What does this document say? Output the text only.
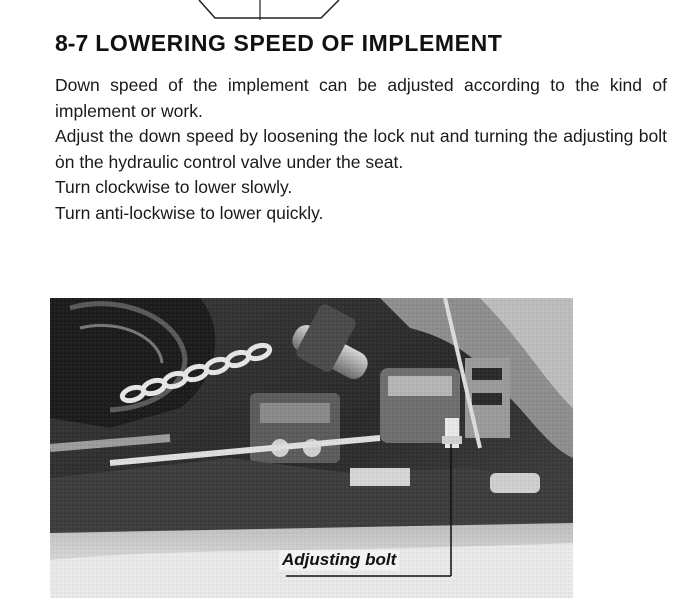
8-7 LOWERING SPEED OF IMPLEMENT

Down speed of the implement can be adjusted according to the kind of implement or work.

Adjust the down speed by loosening the lock nut and turning the adjusting bolt ȯn the hydraulic control valve under the seat.

Turn clockwise to lower slowly.

Turn anti-lockwise to lower quickly.

Adjusting bolt
